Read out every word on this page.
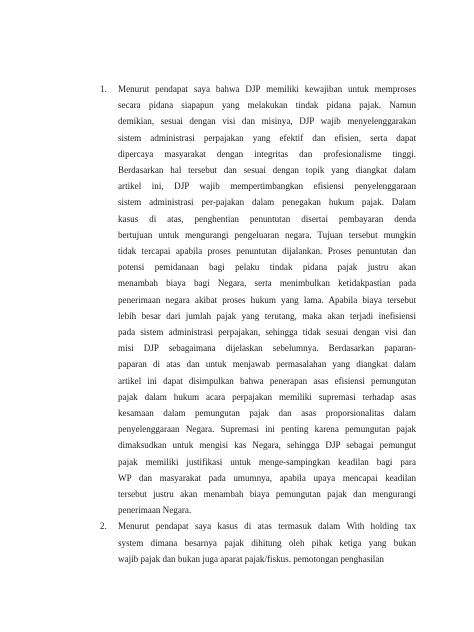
1. Menurut pendapat saya bahwa DJP memiliki kewajiban untuk memproses
secara pidana siapapun yang melakukan tindak pidana pajak. Namun
demikian, sesuai dengan visi dan misinya, DJP wajib menyelenggarakan
sistem administrasi perpajakan yang efektif dan efisien, serta dapat
dipercaya masyarakat dengan integritas dan profesionalisme tinggi.
Berdasarkan hal tersebut dan sesuai dengan topik yang diangkat dalam
artikel ini, DJP wajib mempertimbangkan efisiensi penyelenggaraan
sistem administrasi per-pajakan dalam penegakan hukum pajak. Dalam
kasus di atas, penghentian penuntutan disertai pembayaran denda
bertujuan untuk mengurangi pengeluaran negara. Tujuan tersebut mungkin
tidak tercapai apabila proses penuntutan dijalankan. Proses penuntutan dan
potensi pemidanaan bagi pelaku tindak pidana pajak justru akan
menambah biaya bagi Negara, serta menimbulkan ketidakpastian pada
penerimaan negara akibat proses hukum yang lama. Apabila biaya tersebut
lebih besar dari jumlah pajak yang terutang, maka akan terjadi inefisiensi
pada sistem administrasi perpajakan, sehingga tidak sesuai dengan visi dan
misi DJP sebagaimana dijelaskan sebelumnya. Berdasarkan paparan-
paparan di atas dan untuk menjawab permasalahan yang diangkat dalam
artikel ini dapat disimpulkan bahwa penerapan asas efisiensi pemungutan
pajak dalam hukum acara perpajakan memiliki supremasi terhadap asas
kesamaan dalam pemungutan pajak dan asas proporsionalitas dalam
penyelenggaraan Negara. Supremasi ini penting karena pemungutan pajak
dimaksudkan untuk mengisi kas Negara, sehingga DJP sebagai pemungut
pajak memiliki justifikasi untuk menge-sampingkan keadilan bagi para
WP dan masyarakat pada umumnya, apabila upaya mencapai keadilan
tersebut justru akan menambah biaya pemungutan pajak dan mengurangi
penerimaan Negara.
2. Menurut pendapat saya kasus di atas termasuk dalam With holding tax
system dimana besarnya pajak dihitung oleh pihak ketiga yang bukan
wajib pajak dan bukan juga aparat pajak/fiskus. pemotongan penghasilan
